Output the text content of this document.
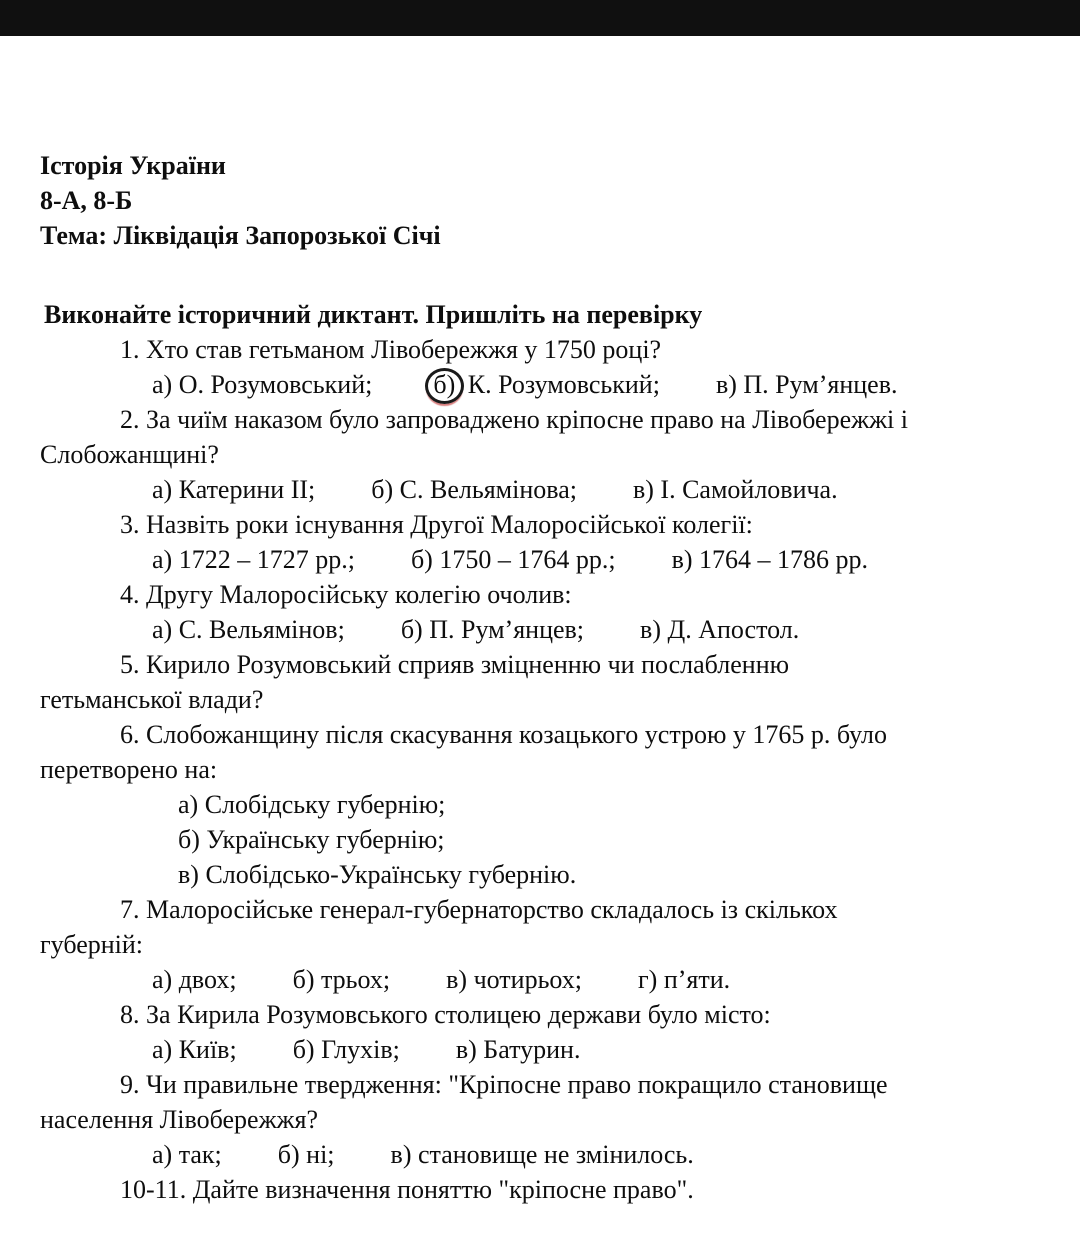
Історія України

8-А, 8-Б

Тема: Ліквідація Запорозької Січі

Виконайте історичний диктант. Пришліть на перевірку

1. Хто став гетьманом Лівобережжя у 1750 році?

а) О. Розумовський; б) К. Розумовський; в) П. Рум’янцев.

2. За чиїм наказом було запроваджено кріпосне право на Лівобережжі і

Слобожанщині?

а) Катерини II; б) С. Вельямінова; в) І. Самойловича.

3. Назвіть роки існування Другої Малоросійської колегії:

а) 1722 – 1727 рр.; б) 1750 – 1764 рр.; в) 1764 – 1786 рр.

4. Другу Малоросійську колегію очолив:

а) С. Вельямінов; б) П. Рум’янцев; в) Д. Апостол.

5. Кирило Розумовський сприяв зміцненню чи послабленню

гетьманської влади?

6. Слобожанщину після скасування козацького устрою у 1765 р. було

перетворено на:

а) Слобідську губернію;

б) Українську губернію;

в) Слобідсько-Українську губернію.

7. Малоросійське генерал-губернаторство складалось із скількох

губерній:

а) двох; б) трьох; в) чотирьох; г) п’яти.

8. За Кирила Розумовського столицею держави було місто:

а) Київ; б) Глухів; в) Батурин.

9. Чи правильне твердження: "Кріпосне право покращило становище

населення Лівобережжя?

а) так; б) ні; в) становище не змінилось.

10-11. Дайте визначення поняттю "кріпосне право".
